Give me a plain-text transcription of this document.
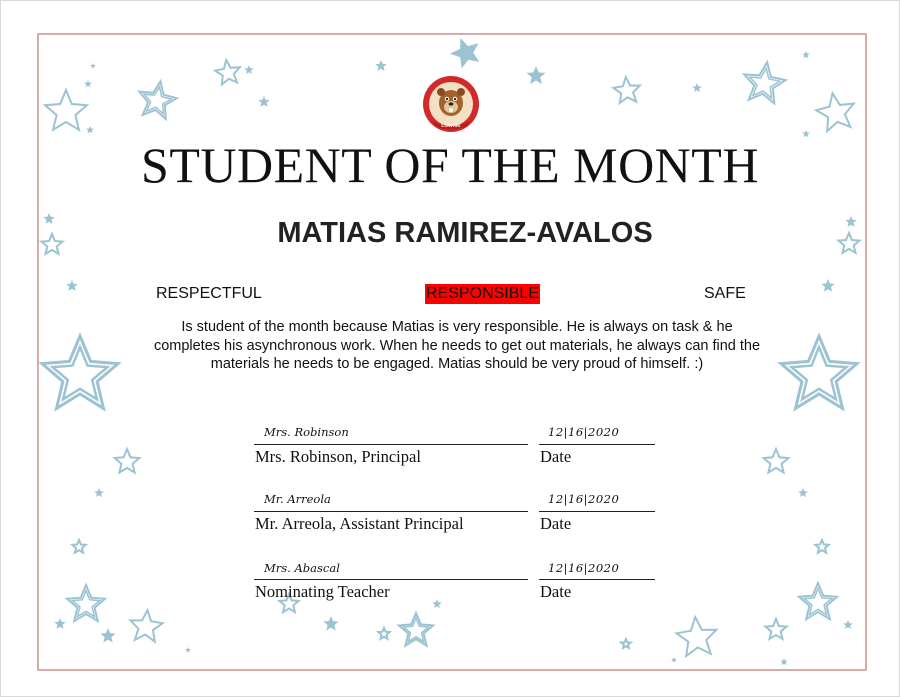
LOWRIE
STUDENT OF THE MONTH
MATIAS RAMIREZ-AVALOS
RESPECTFUL	RESPONSIBLE	SAFE
Is student of the month because Matias is very responsible. He is always on task & he completes his asynchronous work. When he needs to get out materials, he always can find the materials he needs to be engaged. Matias should be very proud of himself. :)
Mrs. Robinson	12|16|2020
Mrs. Robinson, Principal	Date
Mr. Arreola	12|16|2020
Mr. Arreola, Assistant Principal	Date
Mrs. Abascal	12|16|2020
Nominating Teacher	Date
